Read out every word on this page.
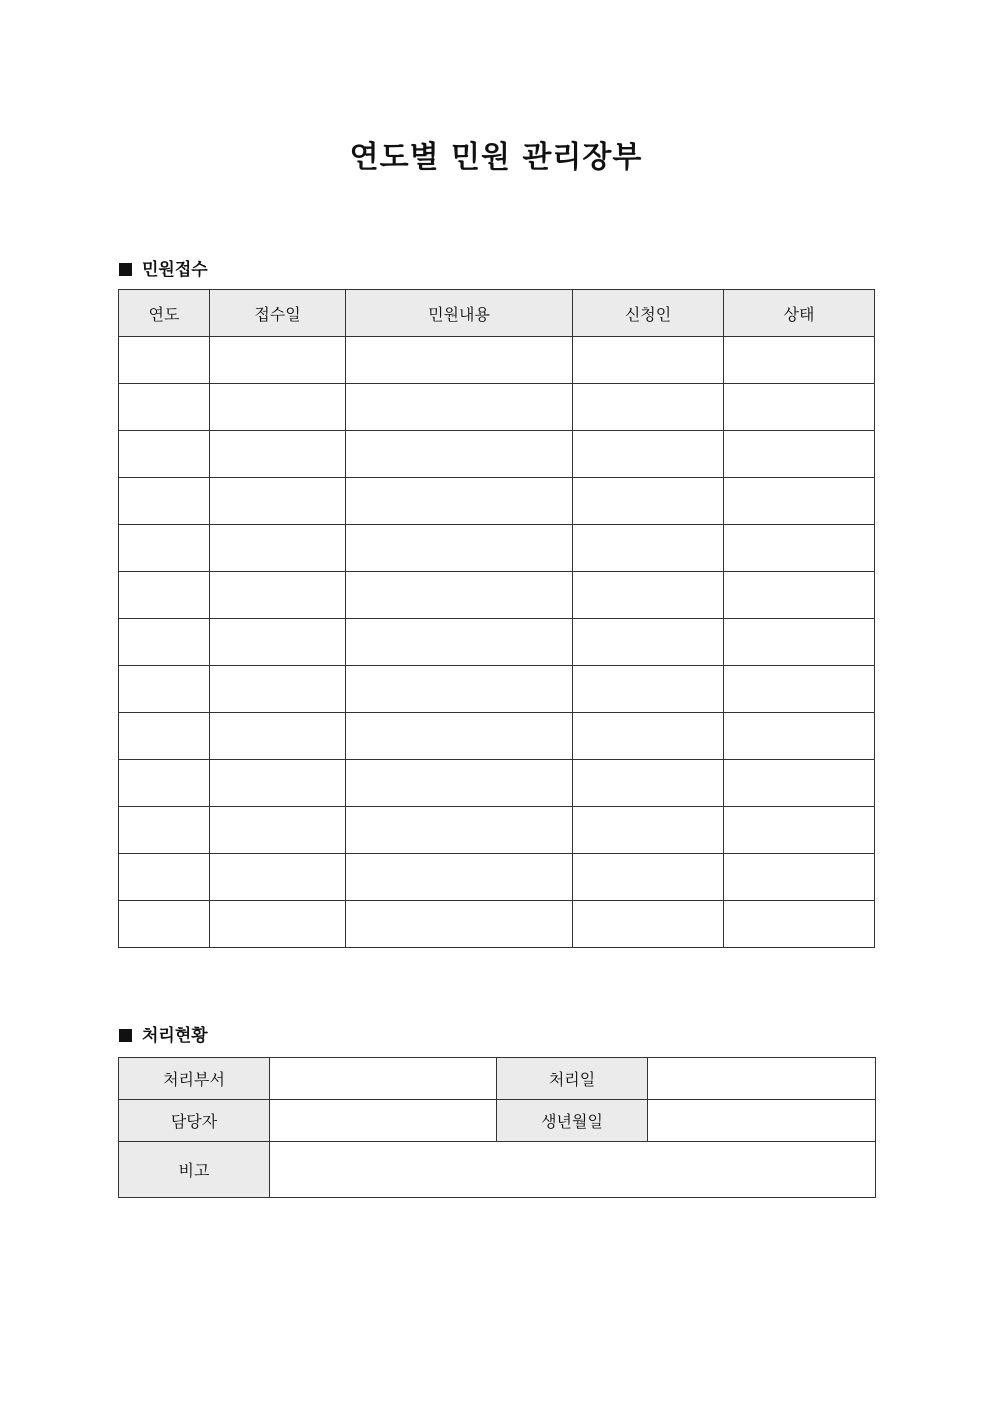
연도별 민원 관리장부
민원접수
연도	접수일	민원내용	신청인	상태

처리현황
처리부서		처리일	
담당자		생년월일	
비고			
